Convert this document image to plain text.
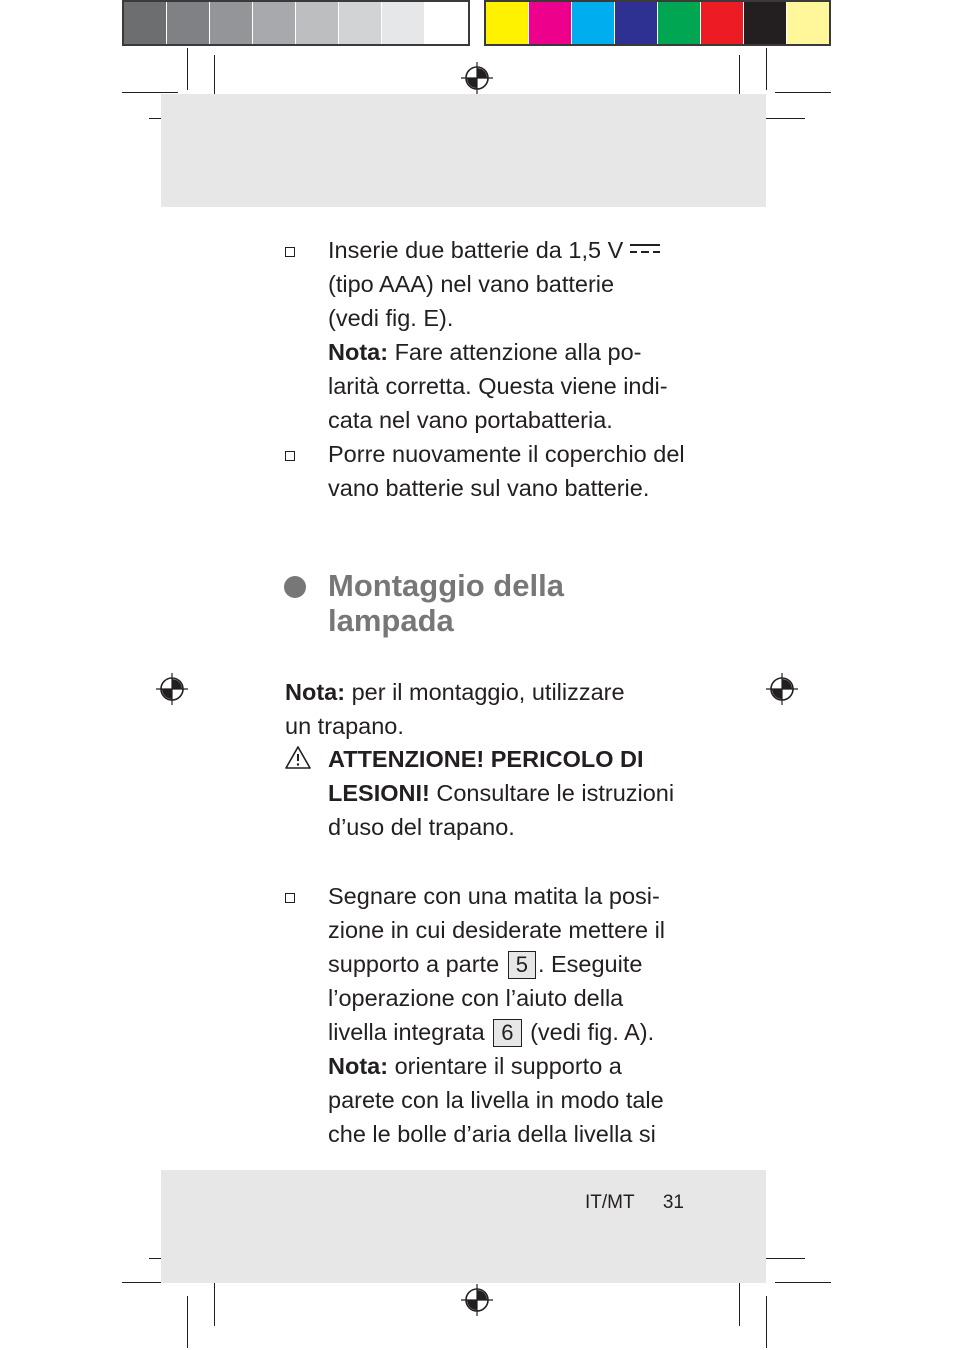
Inserie due batterie da 1,5 V
(tipo AAA) nel vano batterie
(vedi fig. E).
Nota: Fare attenzione alla po-
larità corretta. Questa viene indi-
cata nel vano portabatteria.
Porre nuovamente il coperchio del
vano batterie sul vano batterie.
Montaggio della
lampada
Nota: per il montaggio, utilizzare
un trapano.
ATTENZIONE! PERICOLO DI
LESIONI! Consultare le istruzioni
d’uso del trapano.
Segnare con una matita la posi-
zione in cui desiderate mettere il
supporto a parte 5 . Eseguite
l’operazione con l’aiuto della
livella integrata 6 (vedi fig. A).
Nota: orientare il supporto a
parete con la livella in modo tale
che le bolle d’aria della livella si
IT/MT 31
